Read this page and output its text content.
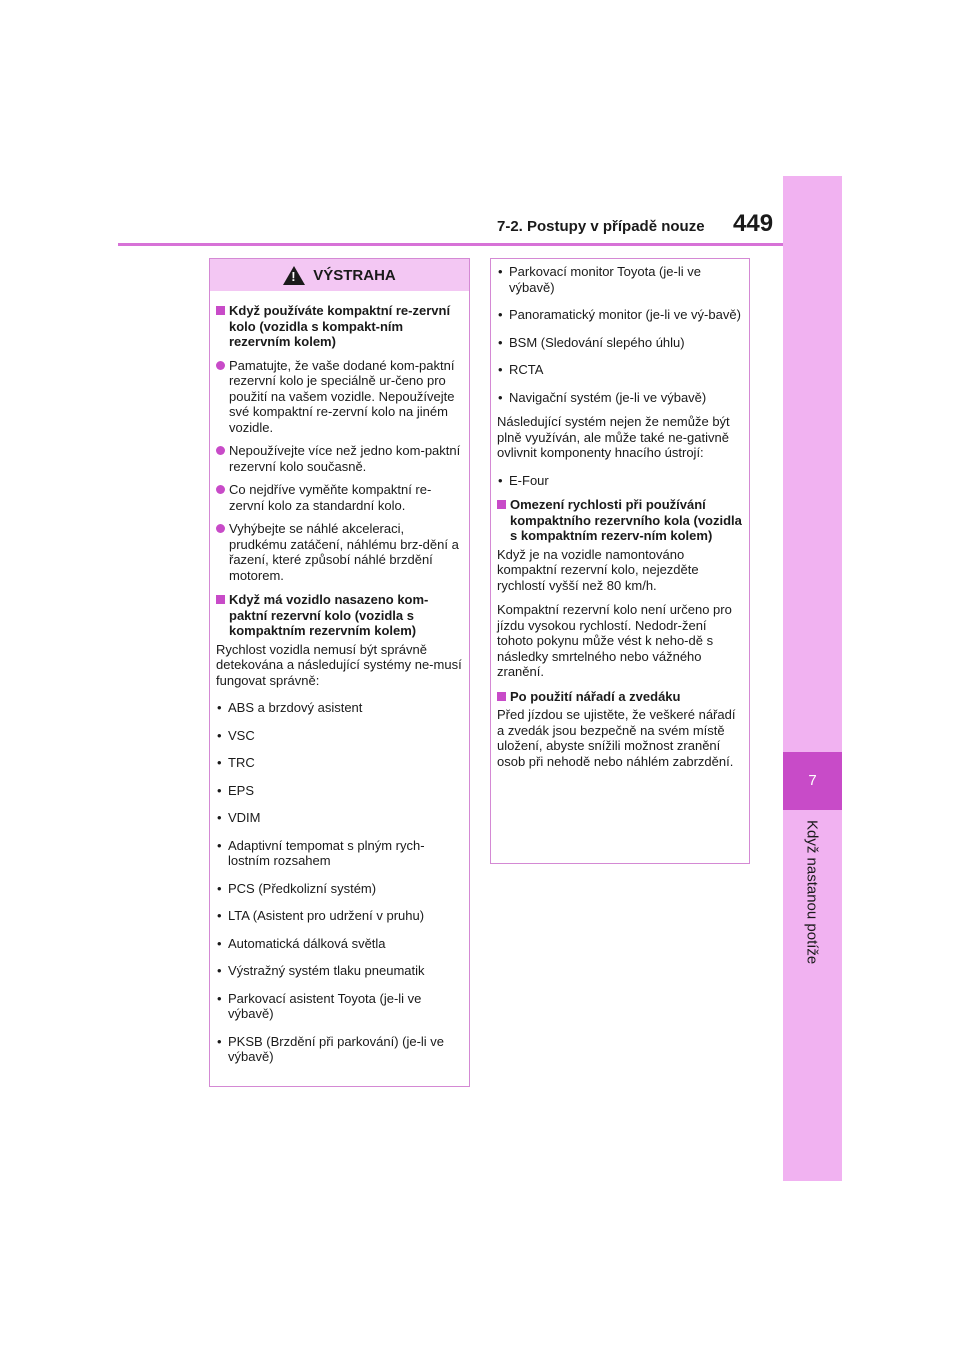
7
Když nastanou potíže
7-2. Postupy v případě nouze 449
!
VÝSTRAHA
Když používáte kompaktní re-zervní kolo (vozidla s kompakt-ním rezervním kolem)
Pamatujte, že vaše dodané kom-paktní rezervní kolo je speciálně ur-čeno pro použití na vašem vozidle. Nepoužívejte své kompaktní re-zervní kolo na jiném vozidle.
Nepoužívejte více než jedno kom-paktní rezervní kolo současně.
Co nejdříve vyměňte kompaktní re-zervní kolo za standardní kolo.
Vyhýbejte se náhlé akceleraci, prudkému zatáčení, náhlému brz-dění a řazení, které způsobí náhlé brzdění motorem.
Když má vozidlo nasazeno kom-paktní rezervní kolo (vozidla s kompaktním rezervním kolem)
Rychlost vozidla nemusí být správně detekována a následující systémy ne-musí fungovat správně:
• ABS a brzdový asistent
• VSC
• TRC
• EPS
• VDIM
• Adaptivní tempomat s plným rych-lostním rozsahem
• PCS (Předkolizní systém)
• LTA (Asistent pro udržení v pruhu)
• Automatická dálková světla
• Výstražný systém tlaku pneumatik
• Parkovací asistent Toyota (je-li ve výbavě)
• PKSB (Brzdění při parkování) (je-li ve výbavě)
• Parkovací monitor Toyota (je-li ve výbavě)
• Panoramatický monitor (je-li ve vý-bavě)
• BSM (Sledování slepého úhlu)
• RCTA
• Navigační systém (je-li ve výbavě)
Následující systém nejen že nemůže být plně využíván, ale může také ne-gativně ovlivnit komponenty hnacího ústrojí:
• E-Four
Omezení rychlosti při používání kompaktního rezervního kola (vozidla s kompaktním rezerv-ním kolem)
Když je na vozidle namontováno kompaktní rezervní kolo, nejezděte rychlostí vyšší než 80 km/h.
Kompaktní rezervní kolo není určeno pro jízdu vysokou rychlostí. Nedodr-žení tohoto pokynu může vést k neho-dě s následky smrtelného nebo vážného zranění.
Po použití nářadí a zvedáku
Před jízdou se ujistěte, že veškeré nářadí a zvedák jsou bezpečně na svém místě uložení, abyste snížili možnost zranění osob při nehodě nebo náhlém zabrzdění.
